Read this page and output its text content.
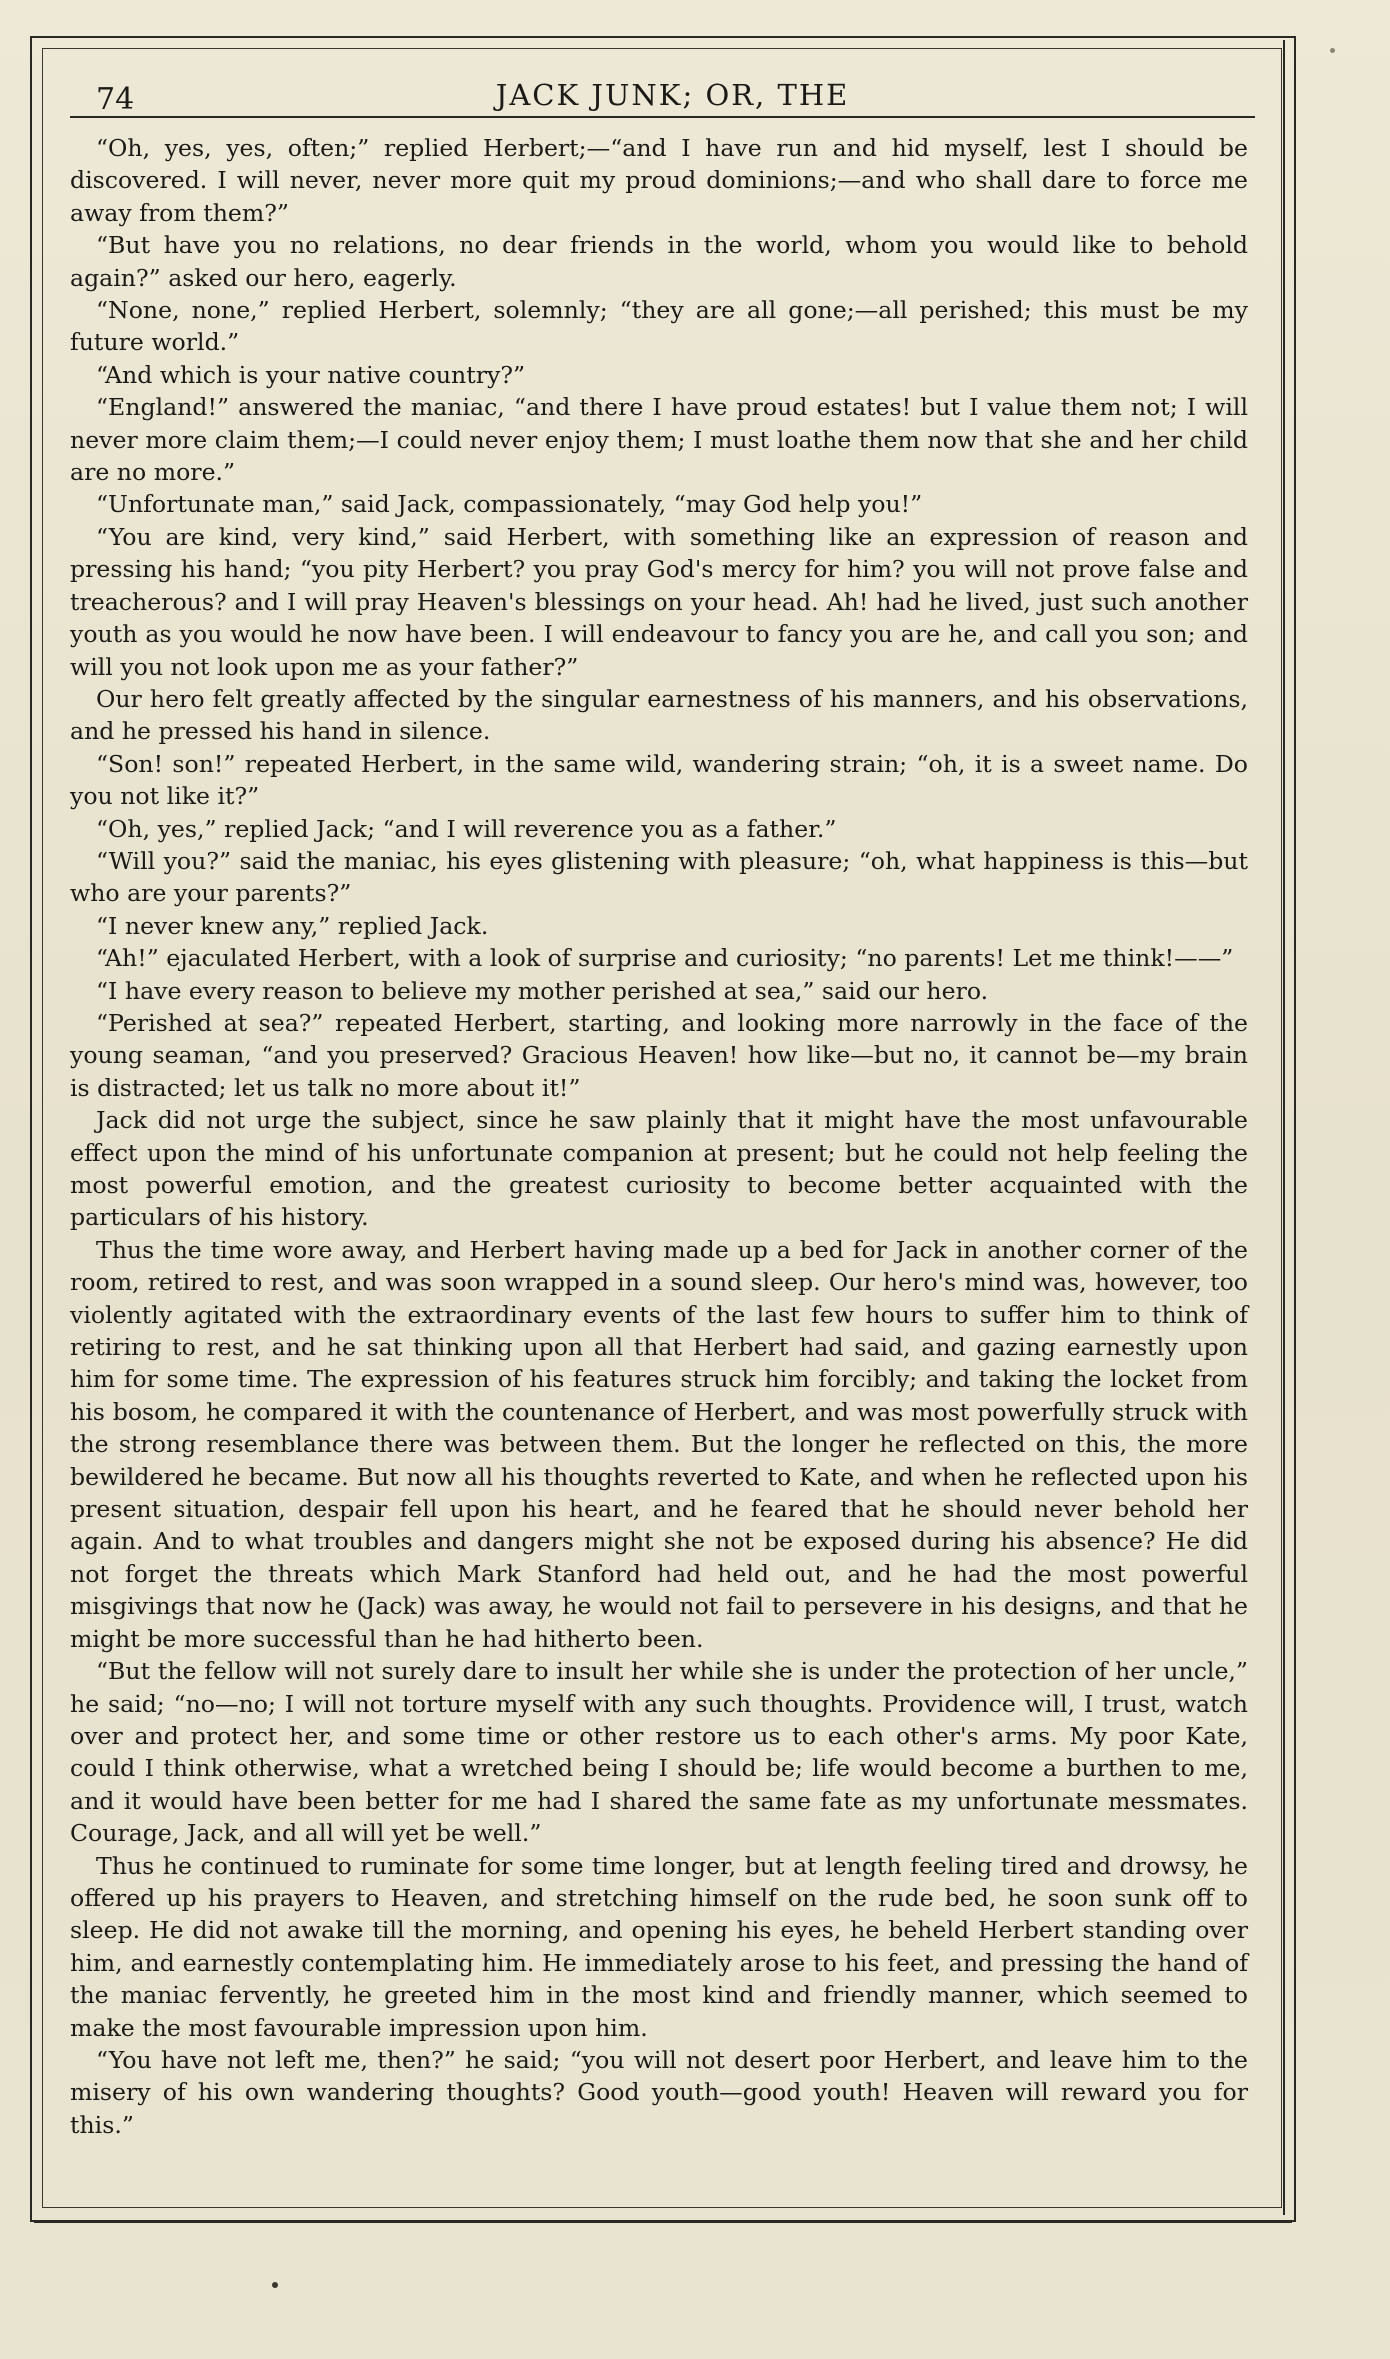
74	JACK JUNK; OR, THE

“Oh, yes, yes, often;” replied Herbert;—“and I have run and hid myself, lest I should be discovered. I will never, never more quit my proud dominions;—and who shall dare to force me away from them?”

“But have you no relations, no dear friends in the world, whom you would like to behold again?” asked our hero, eagerly.

“None, none,” replied Herbert, solemnly; “they are all gone;—all perished; this must be my future world.”

“And which is your native country?”

“England!” answered the maniac, “and there I have proud estates! but I value them not; I will never more claim them;—I could never enjoy them; I must loathe them now that she and her child are no more.”

“Unfortunate man,” said Jack, compassionately, “may God help you!”

“You are kind, very kind,” said Herbert, with something like an expression of reason and pressing his hand; “you pity Herbert? you pray God's mercy for him? you will not prove false and treacherous? and I will pray Heaven's blessings on your head. Ah! had he lived, just such another youth as you would he now have been. I will endeavour to fancy you are he, and call you son; and will you not look upon me as your father?”

Our hero felt greatly affected by the singular earnestness of his manners, and his observations, and he pressed his hand in silence.

“Son! son!” repeated Herbert, in the same wild, wandering strain; “oh, it is a sweet name. Do you not like it?”

“Oh, yes,” replied Jack; “and I will reverence you as a father.”

“Will you?” said the maniac, his eyes glistening with pleasure; “oh, what happiness is this—but who are your parents?”

“I never knew any,” replied Jack.

“Ah!” ejaculated Herbert, with a look of surprise and curiosity; “no parents! Let me think!——”

“I have every reason to believe my mother perished at sea,” said our hero.

“Perished at sea?” repeated Herbert, starting, and looking more narrowly in the face of the young seaman, “and you preserved? Gracious Heaven! how like—but no, it cannot be—my brain is distracted; let us talk no more about it!”

Jack did not urge the subject, since he saw plainly that it might have the most unfavourable effect upon the mind of his unfortunate companion at present; but he could not help feeling the most powerful emotion, and the greatest curiosity to become better acquainted with the particulars of his history.

Thus the time wore away, and Herbert having made up a bed for Jack in another corner of the room, retired to rest, and was soon wrapped in a sound sleep. Our hero's mind was, however, too violently agitated with the extraordinary events of the last few hours to suffer him to think of retiring to rest, and he sat thinking upon all that Herbert had said, and gazing earnestly upon him for some time. The expression of his features struck him forcibly; and taking the locket from his bosom, he compared it with the countenance of Herbert, and was most powerfully struck with the strong resemblance there was between them. But the longer he reflected on this, the more bewildered he became. But now all his thoughts reverted to Kate, and when he reflected upon his present situation, despair fell upon his heart, and he feared that he should never behold her again. And to what troubles and dangers might she not be exposed during his absence? He did not forget the threats which Mark Stanford had held out, and he had the most powerful misgivings that now he (Jack) was away, he would not fail to persevere in his designs, and that he might be more successful than he had hitherto been.

“But the fellow will not surely dare to insult her while she is under the protection of her uncle,” he said; “no—no; I will not torture myself with any such thoughts. Providence will, I trust, watch over and protect her, and some time or other restore us to each other's arms. My poor Kate, could I think otherwise, what a wretched being I should be; life would become a burthen to me, and it would have been better for me had I shared the same fate as my unfortunate messmates. Courage, Jack, and all will yet be well.”

Thus he continued to ruminate for some time longer, but at length feeling tired and drowsy, he offered up his prayers to Heaven, and stretching himself on the rude bed, he soon sunk off to sleep. He did not awake till the morning, and opening his eyes, he beheld Herbert standing over him, and earnestly contemplating him. He immediately arose to his feet, and pressing the hand of the maniac fervently, he greeted him in the most kind and friendly manner, which seemed to make the most favourable impression upon him.

“You have not left me, then?” he said; “you will not desert poor Herbert, and leave him to the misery of his own wandering thoughts? Good youth—good youth! Heaven will reward you for this.”
